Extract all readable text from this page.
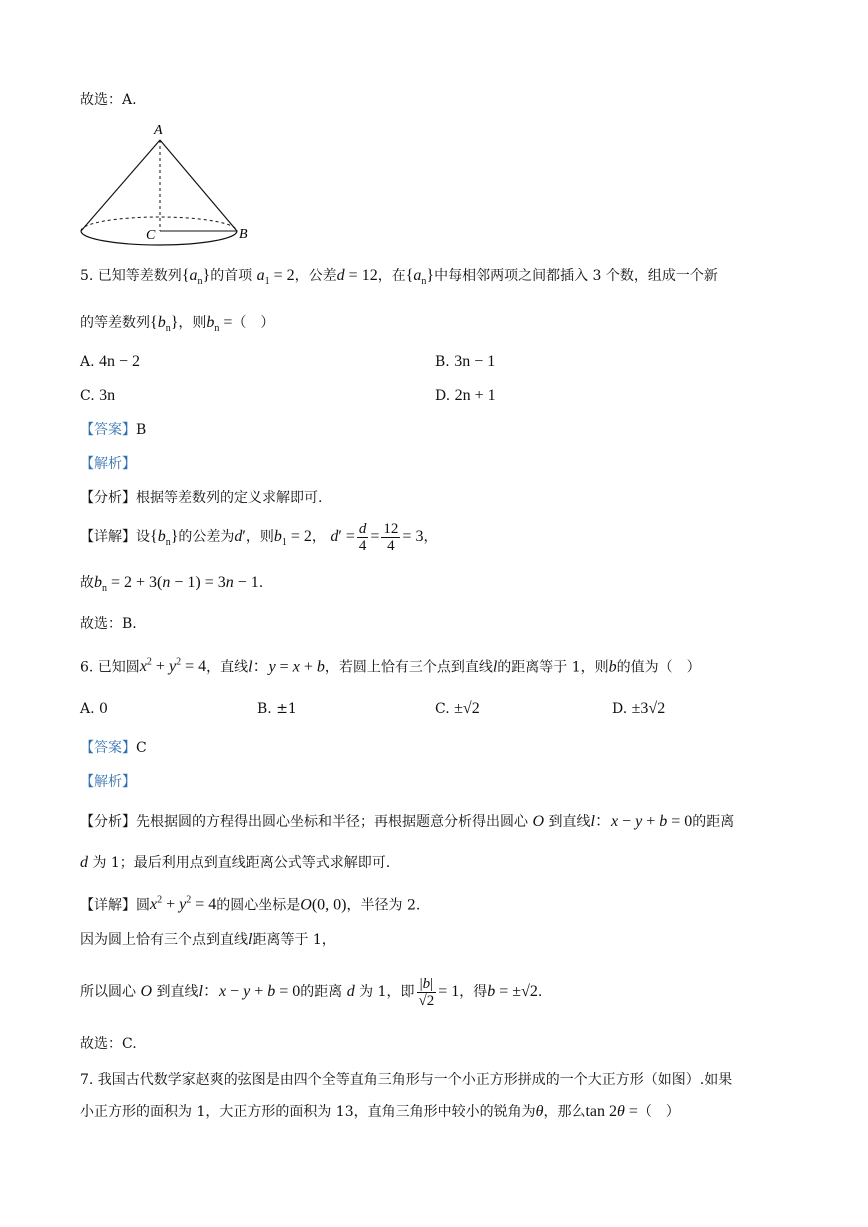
故选：A.
A
B
C
5. 已知等差数列$\{a_n\}$的首项 $a_1 = 2$，公差d = 12，在$\{a_n\}$中每相邻两项之间都插入 3 个数，组成一个新
的等差数列$\{b_n\}$，则$b_n$ =（　）
A. 4n − 2	B. 3n − 1
C. 3n	D. 2n + 1
【答案】B
【解析】
【分析】根据等差数列的定义求解即可.
【详解】设$\{b_n\}$的公差为d′，则$b_1 = 2$， $d' = \frac{d}{4} = \frac{12}{4} = 3$，
故$b_n = 2 + 3(n - 1) = 3n - 1$.
故选：B.
6. 已知圆$x^2 + y^2 = 4$，直线l：y = x + b，若圆上恰有三个点到直线l的距离等于 1，则b的值为（　）
A. 0	B. ±1	C. ±√2	D. ±3√2
【答案】C
【解析】
【分析】先根据圆的方程得出圆心坐标和半径；再根据题意分析得出圆心 O 到直线l：x − y + b = 0的距离
d 为 1；最后利用点到直线距离公式等式求解即可.
【详解】圆$x^2 + y^2 = 4$的圆心坐标是O(0, 0)，半径为 2.
因为圆上恰有三个点到直线l距离等于 1，
所以圆心 O 到直线l：x − y + b = 0的距离 d 为 1，即 $\frac{|b|}{√2} = 1$，得b = ±√2.
故选：C.
7. 我国古代数学家赵爽的弦图是由四个全等直角三角形与一个小正方形拼成的一个大正方形（如图）.如果
小正方形的面积为 1，大正方形的面积为 13，直角三角形中较小的锐角为θ，那么tan 2θ =（　）
